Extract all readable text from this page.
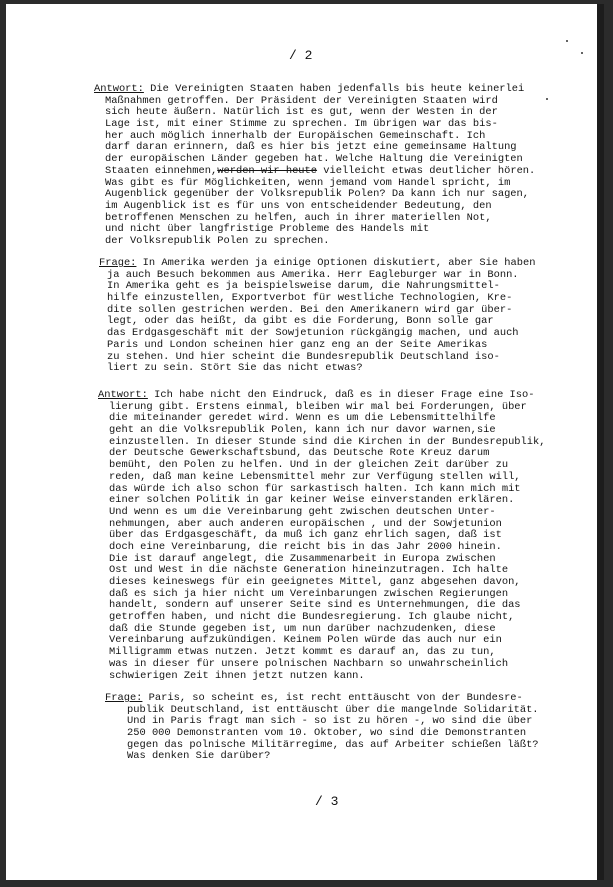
/ 2
Antwort: Die Vereinigten Staaten haben jedenfalls bis heute keinerlei
Maßnahmen getroffen. Der Präsident der Vereinigten Staaten wird
sich heute äußern. Natürlich ist es gut, wenn der Westen in der
Lage ist, mit einer Stimme zu sprechen. Im übrigen war das bis-
her auch möglich innerhalb der Europäischen Gemeinschaft. Ich
darf daran erinnern, daß es hier bis jetzt eine gemeinsame Haltung
der europäischen Länder gegeben hat. Welche Haltung die Vereinigten
Staaten einnehmen,werden wir heute vielleicht etwas deutlicher hören.
Was gibt es für Möglichkeiten, wenn jemand vom Handel spricht, im
Augenblick gegenüber der Volksrepublik Polen? Da kann ich nur sagen,
im Augenblick ist es für uns von entscheidender Bedeutung, den
betroffenen Menschen zu helfen, auch in ihrer materiellen Not,
und nicht über langfristige Probleme des Handels mit
der Volksrepublik Polen zu sprechen.
Frage: In Amerika werden ja einige Optionen diskutiert, aber Sie haben
ja auch Besuch bekommen aus Amerika. Herr Eagleburger war in Bonn.
In Amerika geht es ja beispielsweise darum, die Nahrungsmittel-
hilfe einzustellen, Exportverbot für westliche Technologien, Kre-
dite sollen gestrichen werden. Bei den Amerikanern wird gar über-
legt, oder das heißt, da gibt es die Forderung, Bonn solle gar
das Erdgasgeschäft mit der Sowjetunion rückgängig machen, und auch
Paris und London scheinen hier ganz eng an der Seite Amerikas
zu stehen. Und hier scheint die Bundesrepublik Deutschland iso-
liert zu sein. Stört Sie das nicht etwas?
Antwort: Ich habe nicht den Eindruck, daß es in dieser Frage eine Iso-
lierung gibt. Erstens einmal, bleiben wir mal bei Forderungen, über
die miteinander geredet wird. Wenn es um die Lebensmittelhilfe
geht an die Volksrepublik Polen, kann ich nur davor warnen,sie
einzustellen. In dieser Stunde sind die Kirchen in der Bundesrepublik,
der Deutsche Gewerkschaftsbund, das Deutsche Rote Kreuz darum
bemüht, den Polen zu helfen. Und in der gleichen Zeit darüber zu
reden, daß man keine Lebensmittel mehr zur Verfügung stellen will,
das würde ich also schon für sarkastisch halten. Ich kann mich mit
einer solchen Politik in gar keiner Weise einverstanden erklären.
Und wenn es um die Vereinbarung geht zwischen deutschen Unter-
nehmungen, aber auch anderen europäischen , und der Sowjetunion
über das Erdgasgeschäft, da muß ich ganz ehrlich sagen, daß ist
doch eine Vereinbarung, die reicht bis in das Jahr 2000 hinein.
Die ist darauf angelegt, die Zusammenarbeit in Europa zwischen
Ost und West in die nächste Generation hineinzutragen. Ich halte
dieses keineswegs für ein geeignetes Mittel, ganz abgesehen davon,
daß es sich ja hier nicht um Vereinbarungen zwischen Regierungen
handelt, sondern auf unserer Seite sind es Unternehmungen, die das
getroffen haben, und nicht die Bundesregierung. Ich glaube nicht,
daß die Stunde gegeben ist, um nun darüber nachzudenken, diese
Vereinbarung aufzukündigen. Keinem Polen würde das auch nur ein
Milligramm etwas nutzen. Jetzt kommt es darauf an, das zu tun,
was in dieser für unsere polnischen Nachbarn so unwahrscheinlich
schwierigen Zeit ihnen jetzt nutzen kann.
Frage: Paris, so scheint es, ist recht enttäuscht von der Bundesre-
publik Deutschland, ist enttäuscht über die mangelnde Solidarität.
Und in Paris fragt man sich - so ist zu hören -, wo sind die über
250 000 Demonstranten vom 10. Oktober, wo sind die Demonstranten
gegen das polnische Militärregime, das auf Arbeiter schießen läßt?
Was denken Sie darüber?
/ 3
